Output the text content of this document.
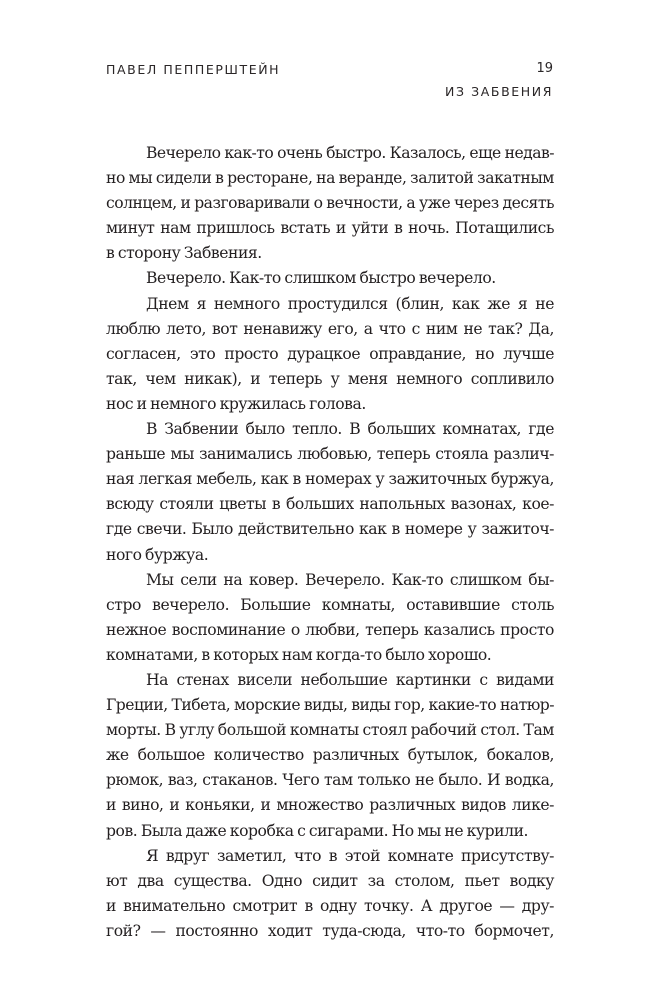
ПАВЕЛ ПЕППЕРШТЕЙН	19
ИЗ ЗАБВЕНИЯ
Вечерело как-то очень быстро. Казалось, еще недав-
но мы сидели в ресторане, на веранде, залитой закатным
солнцем, и разговаривали о вечности, а уже через десять
минут нам пришлось встать и уйти в ночь. Потащились
в сторону Забвения.
Вечерело. Как-то слишком быстро вечерело.
Днем я немного простудился (блин, как же я не
люблю лето, вот ненавижу его, а что с ним не так? Да,
согласен, это просто дурацкое оправдание, но лучше
так, чем никак), и теперь у меня немного сопливило
нос и немного кружилась голова.
В Забвении было тепло. В больших комнатах, где
раньше мы занимались любовью, теперь стояла различ-
ная легкая мебель, как в номерах у зажиточных буржуа,
всюду стояли цветы в больших напольных вазонах, кое-
где свечи. Было действительно как в номере у зажиточ-
ного буржуа.
Мы сели на ковер. Вечерело. Как-то слишком бы-
стро вечерело. Большие комнаты, оставившие столь
нежное воспоминание о любви, теперь казались просто
комнатами, в которых нам когда-то было хорошо.
На стенах висели небольшие картинки с видами
Греции, Тибета, морские виды, виды гор, какие-то натюр-
морты. В углу большой комнаты стоял рабочий стол. Там
же большое количество различных бутылок, бокалов,
рюмок, ваз, стаканов. Чего там только не было. И водка,
и вино, и коньяки, и множество различных видов лике-
ров. Была даже коробка с сигарами. Но мы не курили.
Я вдруг заметил, что в этой комнате присутству-
ют два существа. Одно сидит за столом, пьет водку
и внимательно смотрит в одну точку. А другое — дру-
гой? — постоянно ходит туда-сюда, что-то бормочет,
